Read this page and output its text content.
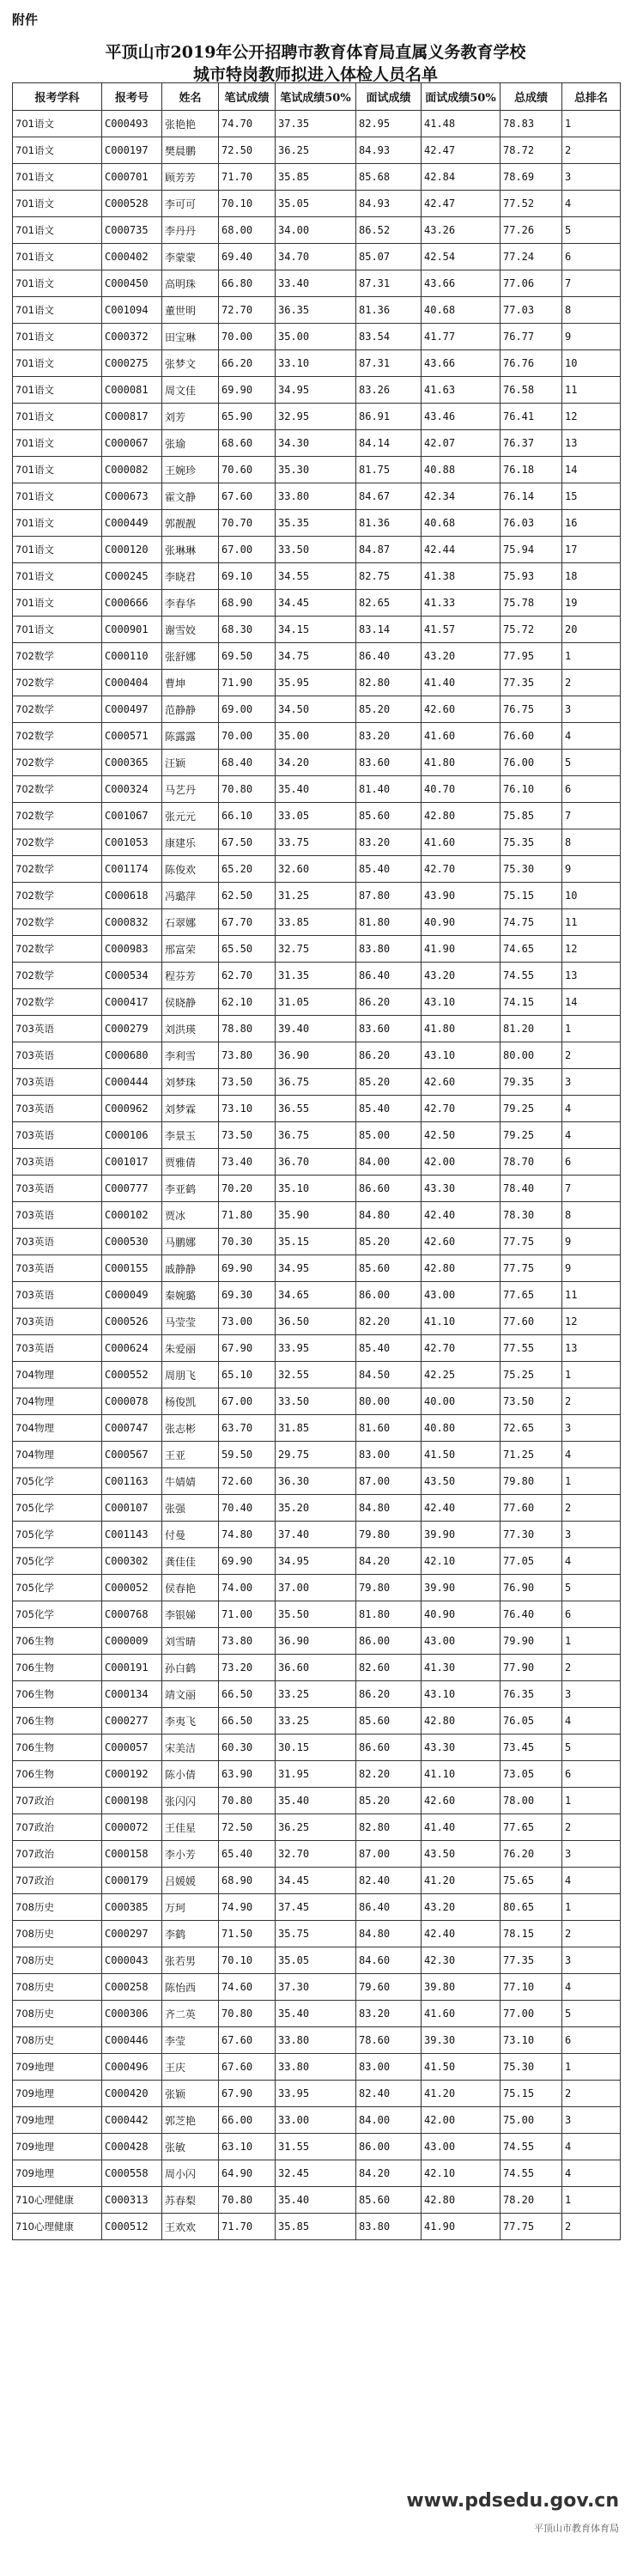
附件
平顶山市2019年公开招聘市教育体育局直属义务教育学校
城市特岗教师拟进入体检人员名单
报考学科	报考号	姓名	笔试成绩	笔试成绩50%	面试成绩	面试成绩50%	总成绩	总排名
701语文	C000493	张艳艳	74.70	37.35	82.95	41.48	78.83	1
701语文	C000197	樊晨鹏	72.50	36.25	84.93	42.47	78.72	2
701语文	C000701	顾芳芳	71.70	35.85	85.68	42.84	78.69	3
701语文	C000528	李可可	70.10	35.05	84.93	42.47	77.52	4
701语文	C000735	李丹丹	68.00	34.00	86.52	43.26	77.26	5
701语文	C000402	李蒙蒙	69.40	34.70	85.07	42.54	77.24	6
701语文	C000450	高明珠	66.80	33.40	87.31	43.66	77.06	7
701语文	C001094	董世明	72.70	36.35	81.36	40.68	77.03	8
701语文	C000372	田宝琳	70.00	35.00	83.54	41.77	76.77	9
701语文	C000275	张梦文	66.20	33.10	87.31	43.66	76.76	10
701语文	C000081	周文佳	69.90	34.95	83.26	41.63	76.58	11
701语文	C000817	刘芳	65.90	32.95	86.91	43.46	76.41	12
701语文	C000067	张瑜	68.60	34.30	84.14	42.07	76.37	13
701语文	C000082	王婉珍	70.60	35.30	81.75	40.88	76.18	14
701语文	C000673	霍文静	67.60	33.80	84.67	42.34	76.14	15
701语文	C000449	郭靓靓	70.70	35.35	81.36	40.68	76.03	16
701语文	C000120	张琳琳	67.00	33.50	84.87	42.44	75.94	17
701语文	C000245	李晓君	69.10	34.55	82.75	41.38	75.93	18
701语文	C000666	李春华	68.90	34.45	82.65	41.33	75.78	19
701语文	C000901	谢雪姣	68.30	34.15	83.14	41.57	75.72	20
702数学	C000110	张舒娜	69.50	34.75	86.40	43.20	77.95	1
702数学	C000404	曹坤	71.90	35.95	82.80	41.40	77.35	2
702数学	C000497	范静静	69.00	34.50	85.20	42.60	76.75	3
702数学	C000571	陈露露	70.00	35.00	83.20	41.60	76.60	4
702数学	C000365	汪颖	68.40	34.20	83.60	41.80	76.00	5
702数学	C000324	马艺丹	70.80	35.40	81.40	40.70	76.10	6
702数学	C001067	张元元	66.10	33.05	85.60	42.80	75.85	7
702数学	C001053	康建乐	67.50	33.75	83.20	41.60	75.35	8
702数学	C001174	陈俊欢	65.20	32.60	85.40	42.70	75.30	9
702数学	C000618	冯璐萍	62.50	31.25	87.80	43.90	75.15	10
702数学	C000832	石翠娜	67.70	33.85	81.80	40.90	74.75	11
702数学	C000983	邢富荣	65.50	32.75	83.80	41.90	74.65	12
702数学	C000534	程芬芳	62.70	31.35	86.40	43.20	74.55	13
702数学	C000417	侯晓静	62.10	31.05	86.20	43.10	74.15	14
703英语	C000279	刘洪瑛	78.80	39.40	83.60	41.80	81.20	1
703英语	C000680	李利雪	73.80	36.90	86.20	43.10	80.00	2
703英语	C000444	刘梦珠	73.50	36.75	85.20	42.60	79.35	3
703英语	C000962	刘梦霖	73.10	36.55	85.40	42.70	79.25	4
703英语	C000106	李景玉	73.50	36.75	85.00	42.50	79.25	4
703英语	C001017	贾雅倩	73.40	36.70	84.00	42.00	78.70	6
703英语	C000777	李亚鹤	70.20	35.10	86.60	43.30	78.40	7
703英语	C000102	贾冰	71.80	35.90	84.80	42.40	78.30	8
703英语	C000530	马鹏娜	70.30	35.15	85.20	42.60	77.75	9
703英语	C000155	戚静静	69.90	34.95	85.60	42.80	77.75	9
703英语	C000049	秦婉璐	69.30	34.65	86.00	43.00	77.65	11
703英语	C000526	马莹莹	73.00	36.50	82.20	41.10	77.60	12
703英语	C000624	朱爱丽	67.90	33.95	85.40	42.70	77.55	13
704物理	C000552	周朋飞	65.10	32.55	84.50	42.25	75.25	1
704物理	C000078	杨俊凯	67.00	33.50	80.00	40.00	73.50	2
704物理	C000747	张志彬	63.70	31.85	81.60	40.80	72.65	3
704物理	C000567	王亚	59.50	29.75	83.00	41.50	71.25	4
705化学	C001163	牛婧婧	72.60	36.30	87.00	43.50	79.80	1
705化学	C000107	张强	70.40	35.20	84.80	42.40	77.60	2
705化学	C001143	付曼	74.80	37.40	79.80	39.90	77.30	3
705化学	C000302	龚佳佳	69.90	34.95	84.20	42.10	77.05	4
705化学	C000052	侯春艳	74.00	37.00	79.80	39.90	76.90	5
705化学	C000768	李银娣	71.00	35.50	81.80	40.90	76.40	6
706生物	C000009	刘雪晴	73.80	36.90	86.00	43.00	79.90	1
706生物	C000191	孙白鹤	73.20	36.60	82.60	41.30	77.90	2
706生物	C000134	靖文丽	66.50	33.25	86.20	43.10	76.35	3
706生物	C000277	李夷飞	66.50	33.25	85.60	42.80	76.05	4
706生物	C000057	宋美洁	60.30	30.15	86.60	43.30	73.45	5
706生物	C000192	陈小倩	63.90	31.95	82.20	41.10	73.05	6
707政治	C000198	张闪闪	70.80	35.40	85.20	42.60	78.00	1
707政治	C000072	王佳星	72.50	36.25	82.80	41.40	77.65	2
707政治	C000158	李小芳	65.40	32.70	87.00	43.50	76.20	3
707政治	C000179	吕媛媛	68.90	34.45	82.40	41.20	75.65	4
708历史	C000385	万珂	74.90	37.45	86.40	43.20	80.65	1
708历史	C000297	李鹤	71.50	35.75	84.80	42.40	78.15	2
708历史	C000043	张若男	70.10	35.05	84.60	42.30	77.35	3
708历史	C000258	陈怡西	74.60	37.30	79.60	39.80	77.10	4
708历史	C000306	齐二英	70.80	35.40	83.20	41.60	77.00	5
708历史	C000446	李莹	67.60	33.80	78.60	39.30	73.10	6
709地理	C000496	王庆	67.60	33.80	83.00	41.50	75.30	1
709地理	C000420	张颖	67.90	33.95	82.40	41.20	75.15	2
709地理	C000442	郭芝艳	66.00	33.00	84.00	42.00	75.00	3
709地理	C000428	张敏	63.10	31.55	86.00	43.00	74.55	4
709地理	C000558	周小闪	64.90	32.45	84.20	42.10	74.55	4
710心理健康	C000313	苏春梨	70.80	35.40	85.60	42.80	78.20	1
710心理健康	C000512	王欢欢	71.70	35.85	83.80	41.90	77.75	2
www.pdsedu.gov.cn
平顶山市教育体育局
